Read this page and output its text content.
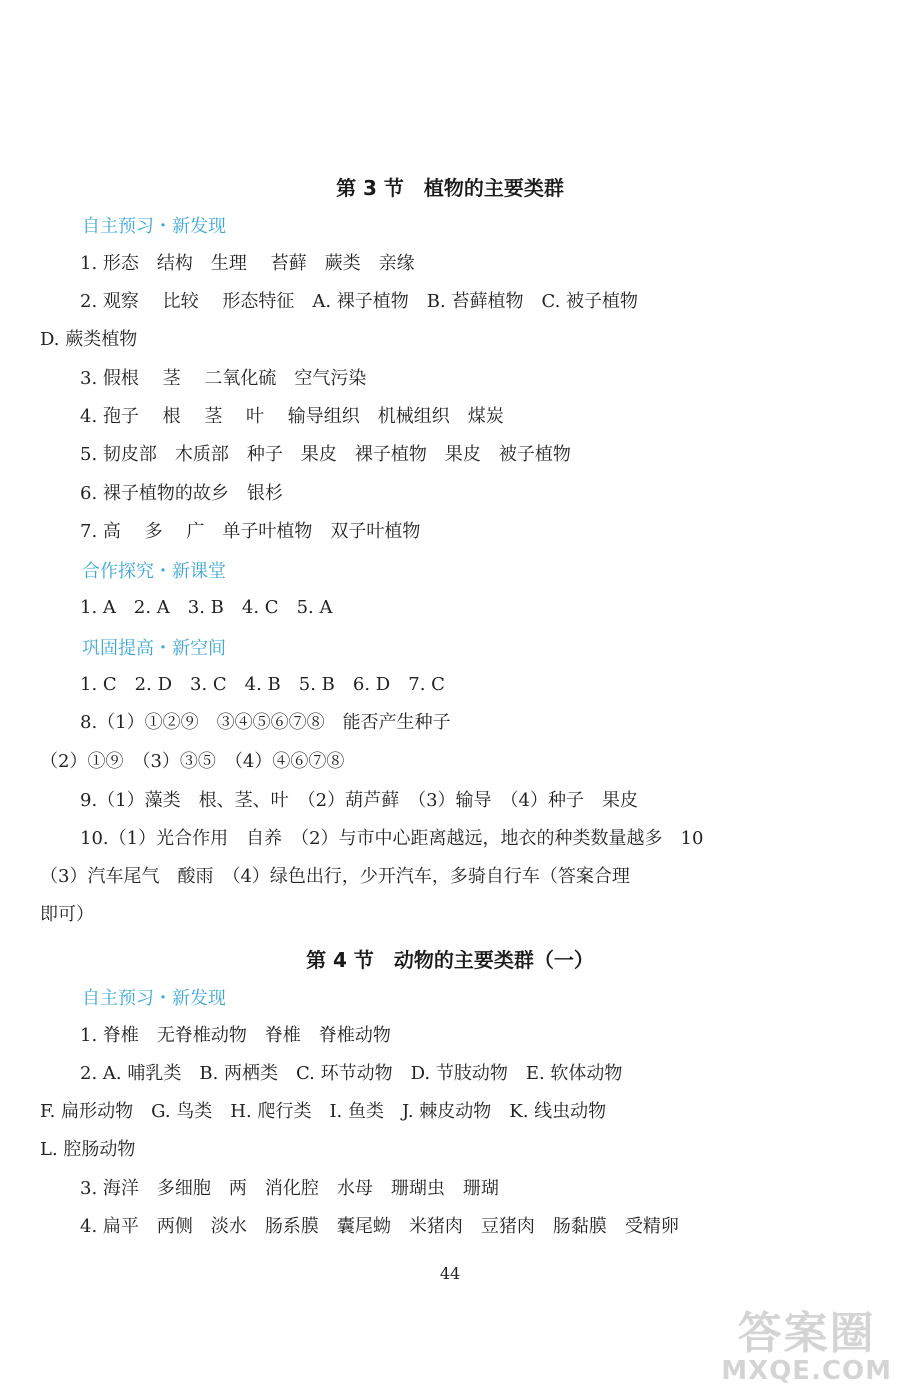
第 3 节　植物的主要类群
自主预习・新发现
1. 形态　结构　生理　 苔藓　蕨类　亲缘
2. 观察　 比较　 形态特征　A. 裸子植物　B. 苔藓植物　C. 被子植物
D. 蕨类植物
3. 假根　 茎　 二氧化硫　空气污染
4. 孢子　 根　 茎　 叶　 输导组织　机械组织　煤炭
5. 韧皮部　木质部　种子　果皮　裸子植物　果皮　被子植物
6. 裸子植物的故乡　银杉
7. 高　 多　 广　单子叶植物　双子叶植物
合作探究・新课堂
1. A　2. A　3. B　4. C　5. A
巩固提高・新空间
1. C　2. D　3. C　4. B　5. B　6. D　7. C
8.（1）①②⑨　③④⑤⑥⑦⑧　能否产生种子
（2）①⑨　（3）③⑤　（4）④⑥⑦⑧
9.（1）藻类　根、茎、叶　（2）葫芦藓　（3）输导　（4）种子　果皮
10.（1）光合作用　自养　（2）与市中心距离越远，地衣的种类数量越多　10
（3）汽车尾气　酸雨　（4）绿色出行，少开汽车，多骑自行车（答案合理
即可）
第 4 节　动物的主要类群（一）
自主预习・新发现
1. 脊椎　无脊椎动物　脊椎　脊椎动物
2. A. 哺乳类　B. 两栖类　C. 环节动物　D. 节肢动物　E. 软体动物
F. 扁形动物　G. 鸟类　H. 爬行类　I. 鱼类　J. 棘皮动物　K. 线虫动物
L. 腔肠动物
3. 海洋　多细胞　两　消化腔　水母　珊瑚虫　珊瑚
4. 扁平　两侧　淡水　肠系膜　囊尾蚴　米猪肉　豆猪肉　肠黏膜　受精卵
44
答案圈
MXQE.COM
